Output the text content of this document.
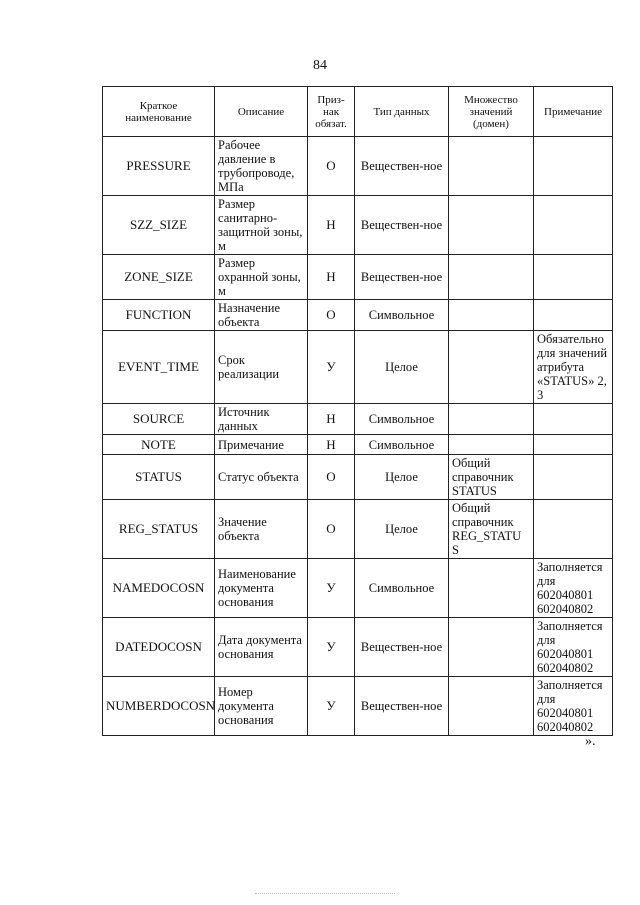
84
Краткое наименование	Описание	Приз-нак обязат.	Тип данных	Множество значений (домен)	Примечание
PRESSURE	Рабочее давление в трубопроводе, МПа	О	Веществен-ное		
SZZ_SIZE	Размер санитарно-защитной зоны, м	Н	Веществен-ное		
ZONE_SIZE	Размер охранной зоны, м	Н	Веществен-ное		
FUNCTION	Назначение объекта	О	Символьное		
EVENT_TIME	Срок реализации	У	Целое		Обязательно для значений атрибута «STATUS» 2, 3
SOURCE	Источник данных	Н	Символьное		
NOTE	Примечание	Н	Символьное		
STATUS	Статус объекта	О	Целое	Общий справочник STATUS	
REG_STATUS	Значение объекта	О	Целое	Общий справочник REG_STATU S	
NAMEDOCOSN	Наименование документа основания	У	Символьное		Заполняется для 602040801 602040802
DATEDOCOSN	Дата документа основания	У	Веществен-ное		Заполняется для 602040801 602040802
NUMBERDOCOSN	Номер документа основания	У	Веществен-ное		Заполняется для 602040801 602040802
».
